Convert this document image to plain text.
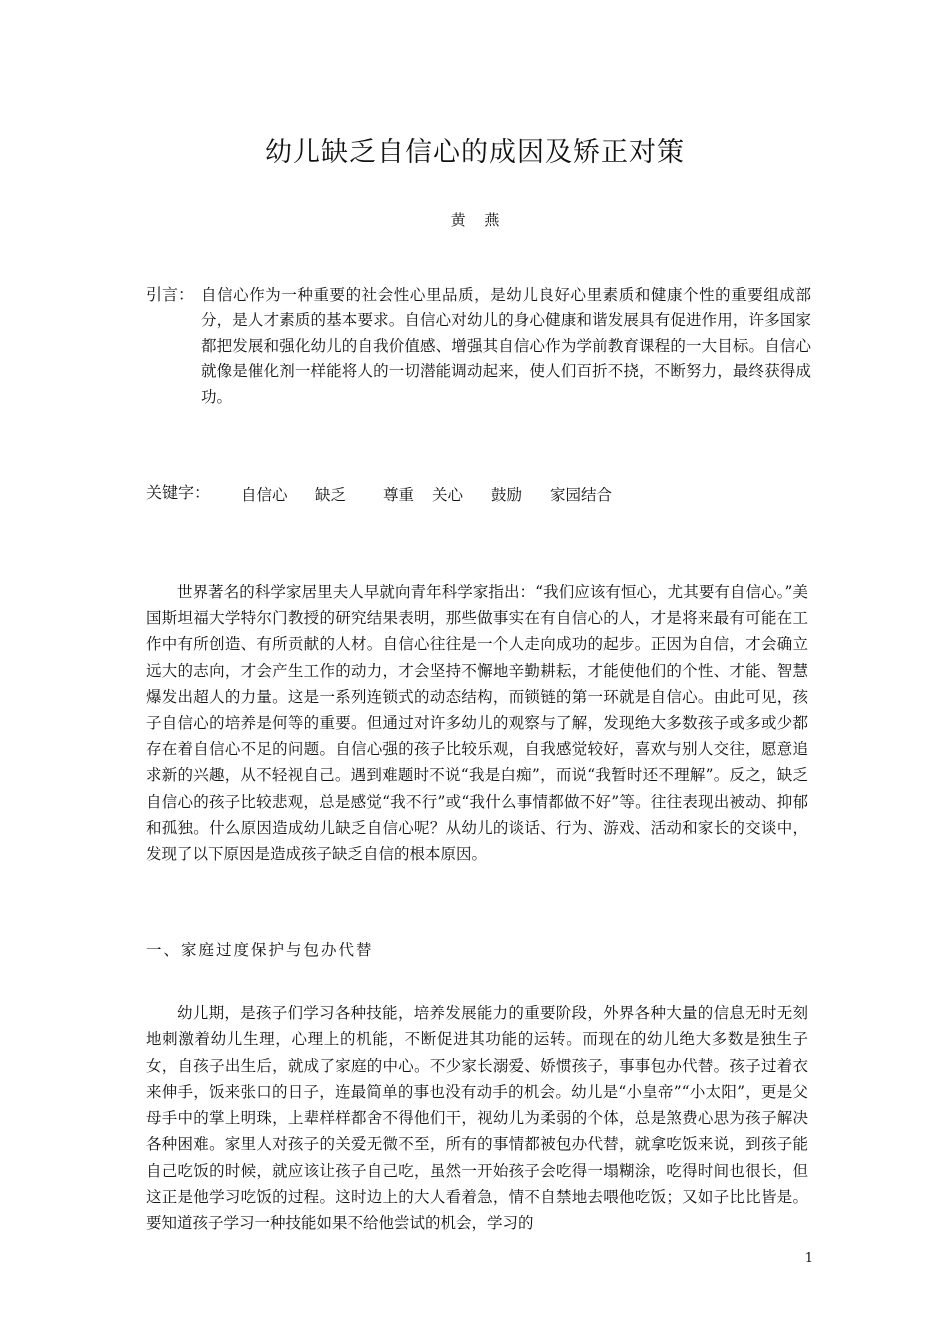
幼儿缺乏自信心的成因及矫正对策
黄 燕
引言： 自信心作为一种重要的社会性心里品质，是幼儿良好心里素质和健康个性的重要组成部分，是人才素质的基本要求。自信心对幼儿的身心健康和谐发展具有促进作用，许多国家都把发展和强化幼儿的自我价值感、增强其自信心作为学前教育课程的一大目标。自信心就像是催化剂一样能将人的一切潜能调动起来，使人们百折不挠，不断努力，最终获得成功。
关键字： 自信心 缺乏 尊重 关心 鼓励 家园结合
世界著名的科学家居里夫人早就向青年科学家指出：“我们应该有恒心，尤其要有自信心。”美国斯坦福大学特尔门教授的研究结果表明，那些做事实在有自信心的人，才是将来最有可能在工作中有所创造、有所贡献的人材。自信心往往是一个人走向成功的起步。正因为自信，才会确立远大的志向，才会产生工作的动力，才会坚持不懈地辛勤耕耘，才能使他们的个性、才能、智慧爆发出超人的力量。这是一系列连锁式的动态结构，而锁链的第一环就是自信心。由此可见，孩子自信心的培养是何等的重要。但通过对许多幼儿的观察与了解，发现绝大多数孩子或多或少都存在着自信心不足的问题。自信心强的孩子比较乐观，自我感觉较好，喜欢与别人交往，愿意追求新的兴趣，从不轻视自己。遇到难题时不说“我是白痴”，而说“我暂时还不理解”。反之，缺乏自信心的孩子比较悲观，总是感觉“我不行”或“我什么事情都做不好”等。往往表现出被动、抑郁和孤独。什么原因造成幼儿缺乏自信心呢？从幼儿的谈话、行为、游戏、活动和家长的交谈中，发现了以下原因是造成孩子缺乏自信的根本原因。
一、家庭过度保护与包办代替
幼儿期，是孩子们学习各种技能，培养发展能力的重要阶段，外界各种大量的信息无时无刻地刺激着幼儿生理，心理上的机能，不断促进其功能的运转。而现在的幼儿绝大多数是独生子女，自孩子出生后，就成了家庭的中心。不少家长溺爱、娇惯孩子，事事包办代替。孩子过着衣来伸手，饭来张口的日子，连最简单的事也没有动手的机会。幼儿是“小皇帝”“小太阳”，更是父母手中的掌上明珠，上辈样样都舍不得他们干，视幼儿为柔弱的个体，总是煞费心思为孩子解决各种困难。家里人对孩子的关爱无微不至，所有的事情都被包办代替，就拿吃饭来说，到孩子能自己吃饭的时候，就应该让孩子自己吃，虽然一开始孩子会吃得一塌糊涂，吃得时间也很长，但这正是他学习吃饭的过程。这时边上的大人看着急，情不自禁地去喂他吃饭；又如子比比皆是。要知道孩子学习一种技能如果不给他尝试的机会，学习的
1
